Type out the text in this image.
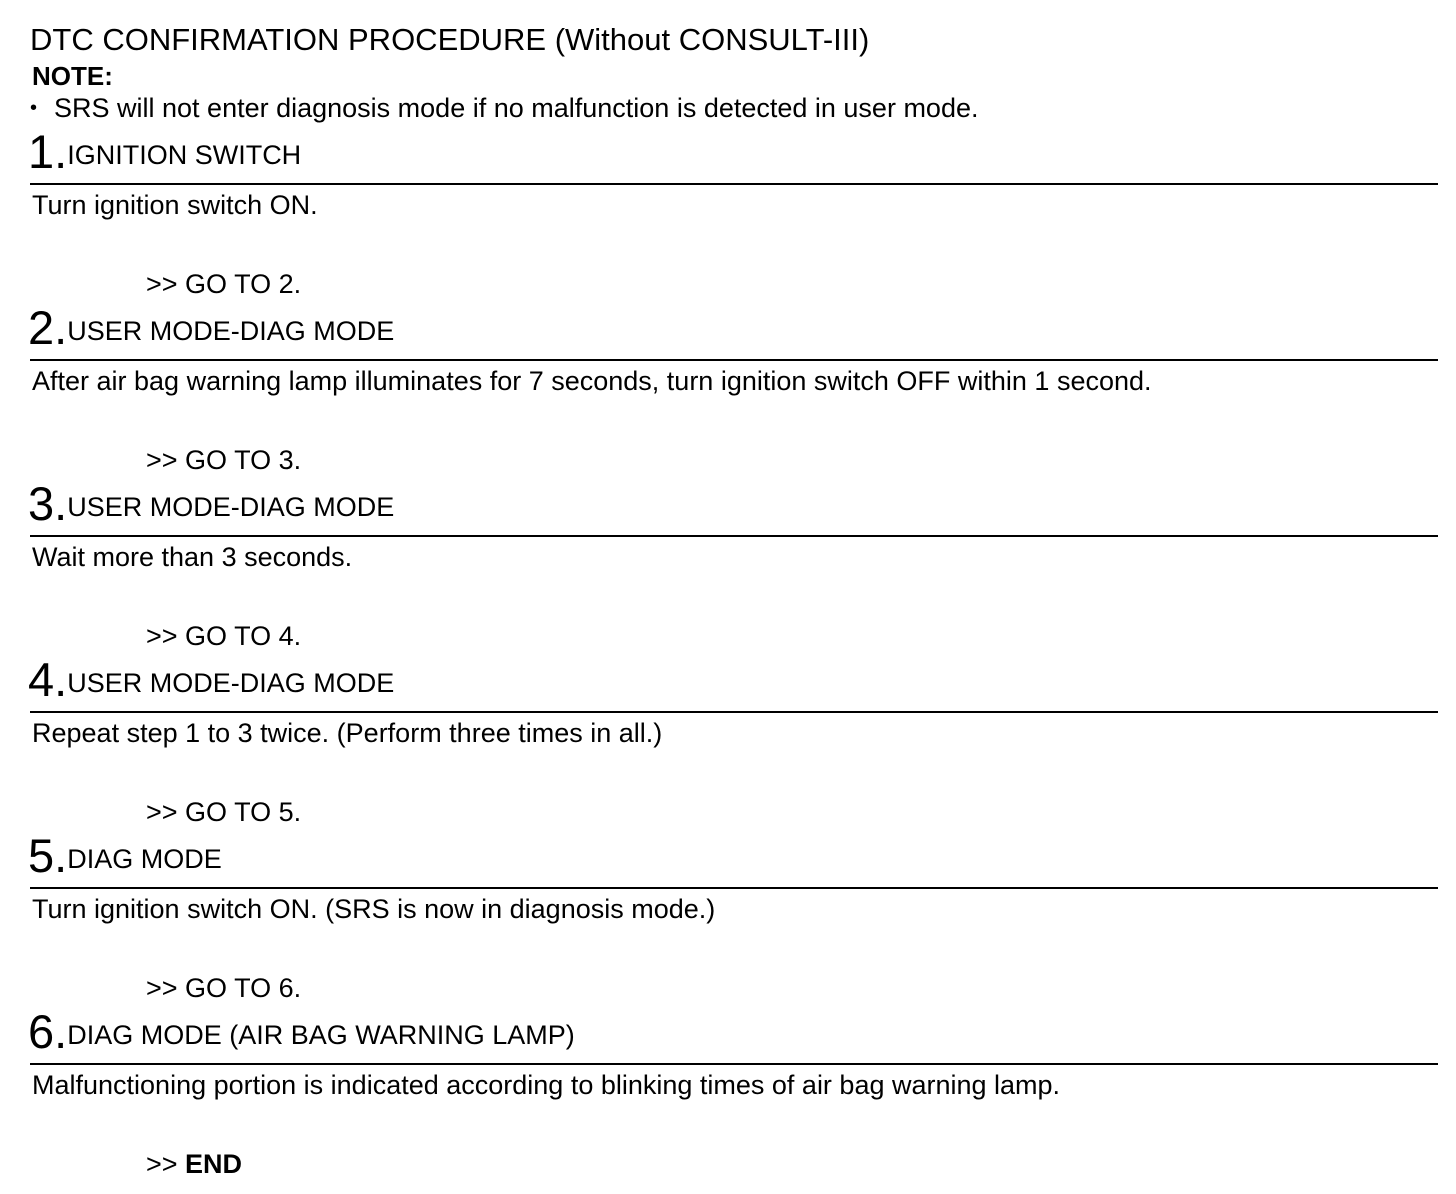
DTC CONFIRMATION PROCEDURE (Without CONSULT-III)
NOTE:
• SRS will not enter diagnosis mode if no malfunction is detected in user mode.
1.IGNITION SWITCH
Turn ignition switch ON.
>> GO TO 2.
2.USER MODE-DIAG MODE
After air bag warning lamp illuminates for 7 seconds, turn ignition switch OFF within 1 second.
>> GO TO 3.
3.USER MODE-DIAG MODE
Wait more than 3 seconds.
>> GO TO 4.
4.USER MODE-DIAG MODE
Repeat step 1 to 3 twice. (Perform three times in all.)
>> GO TO 5.
5.DIAG MODE
Turn ignition switch ON. (SRS is now in diagnosis mode.)
>> GO TO 6.
6.DIAG MODE (AIR BAG WARNING LAMP)
Malfunctioning portion is indicated according to blinking times of air bag warning lamp.
>> END
